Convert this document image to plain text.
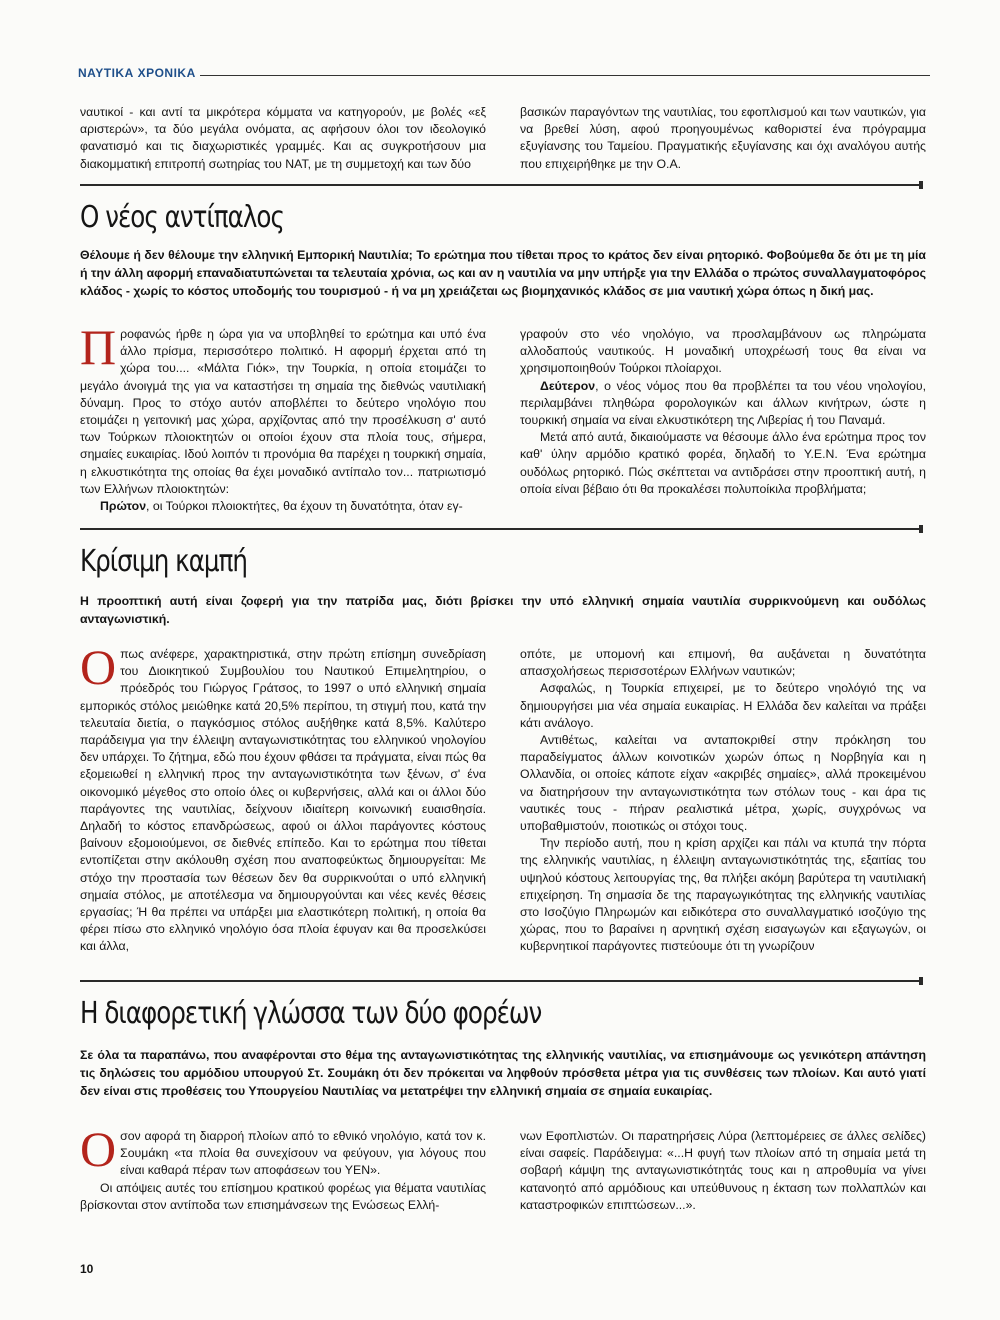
ΝΑΥΤΙΚΑ ΧΡΟΝΙΚΑ

ναυτικοί - και αντί τα μικρότερα κόμματα να κατηγορούν, με βολές «εξ αριστερών», τα δύο μεγάλα ονόματα, ας αφήσουν όλοι τον ιδεολογικό φανατισμό και τις διαχωριστικές γραμμές. Και ας συγκροτήσουν μια διακομματική επιτροπή σωτηρίας του ΝΑΤ, με τη συμμετοχή και των δύο

βασικών παραγόντων της ναυτιλίας, του εφοπλισμού και των ναυτικών, για να βρεθεί λύση, αφού προηγουμένως καθοριστεί ένα πρόγραμμα εξυγίανσης του Ταμείου. Πραγματικής εξυγίανσης και όχι αναλόγου αυτής που επιχειρήθηκε με την Ο.Α.

Ο νέος αντίπαλος

Θέλουμε ή δεν θέλουμε την ελληνική Εμπορική Ναυτιλία; Το ερώτημα που τίθεται προς το κράτος δεν είναι ρητορικό. Φοβούμεθα δε ότι με τη μία ή την άλλη αφορμή επαναδιατυπώνεται τα τελευταία χρόνια, ως και αν η ναυτιλία να μην υπήρξε για την Ελλάδα ο πρώτος συναλλαγματοφόρος κλάδος - χωρίς το κόστος υποδομής του τουρισμού - ή να μη χρειάζεται ως βιομηχανικός κλάδος σε μια ναυτική χώρα όπως η δική μας.

Προφανώς ήρθε η ώρα για να υποβληθεί το ερώτημα και υπό ένα άλλο πρίσμα, περισσότερο πολιτικό. Η αφορμή έρχεται από τη χώρα του.... «Μάλτα Γιόκ», την Τουρκία, η οποία ετοιμάζει το μεγάλο άνοιγμά της για να καταστήσει τη σημαία της διεθνώς ναυτιλιακή δύναμη. Προς το στόχο αυτόν αποβλέπει το δεύτερο νηολόγιο που ετοιμάζει η γειτονική μας χώρα, αρχίζοντας από την προσέλκυση σ' αυτό των Τούρκων πλοιοκτητών οι οποίοι έχουν στα πλοία τους, σήμερα, σημαίες ευκαιρίας. Ιδού λοιπόν τι προνόμια θα παρέχει η τουρκική σημαία, η ελκυστικότητα της οποίας θα έχει μοναδικό αντίπαλο τον... πατριωτισμό των Ελλήνων πλοιοκτητών:

Πρώτον, οι Τούρκοι πλοιοκτήτες, θα έχουν τη δυνατότητα, όταν εγ-

γραφούν στο νέο νηολόγιο, να προσλαμβάνουν ως πληρώματα αλλοδαπούς ναυτικούς. Η μοναδική υποχρέωσή τους θα είναι να χρησιμοποιηθούν Τούρκοι πλοίαρχοι.

Δεύτερον, ο νέος νόμος που θα προβλέπει τα του νέου νηολογίου, περιλαμβάνει πληθώρα φορολογικών και άλλων κινήτρων, ώστε η τουρκική σημαία να είναι ελκυστικότερη της Λιβερίας ή του Παναμά.

Μετά από αυτά, δικαιούμαστε να θέσουμε άλλο ένα ερώτημα προς τον καθ' ύλην αρμόδιο κρατικό φορέα, δηλαδή το Υ.Ε.Ν. Ένα ερώτημα ουδόλως ρητορικό. Πώς σκέπτεται να αντιδράσει στην προοπτική αυτή, η οποία είναι βέβαιο ότι θα προκαλέσει πολυποίκιλα προβλήματα;

Κρίσιμη καμπή

Η προοπτική αυτή είναι ζοφερή για την πατρίδα μας, διότι βρίσκει την υπό ελληνική σημαία ναυτιλία συρρικνούμενη και ουδόλως ανταγωνιστική.

Οπως ανέφερε, χαρακτηριστικά, στην πρώτη επίσημη συνεδρίαση του Διοικητικού Συμβουλίου του Ναυτικού Επιμελητηρίου, ο πρόεδρός του Γιώργος Γράτσος, το 1997 ο υπό ελληνική σημαία εμπορικός στόλος μειώθηκε κατά 20,5% περίπου, τη στιγμή που, κατά την τελευταία διετία, ο παγκόσμιος στόλος αυξήθηκε κατά 8,5%. Καλύτερο παράδειγμα για την έλλειψη ανταγωνιστικότητας του ελληνικού νηολογίου δεν υπάρχει. Το ζήτημα, εδώ που έχουν φθάσει τα πράγματα, είναι πώς θα εξομειωθεί η ελληνική προς την ανταγωνιστικότητα των ξένων, σ' ένα οικονομικό μέγεθος στο οποίο όλες οι κυβερνήσεις, αλλά και οι άλλοι δύο παράγοντες της ναυτιλίας, δείχνουν ιδιαίτερη κοινωνική ευαισθησία. Δηλαδή το κόστος επανδρώσεως, αφού οι άλλοι παράγοντες κόστους βαίνουν εξομοιούμενοι, σε διεθνές επίπεδο. Και το ερώτημα που τίθεται εντοπίζεται στην ακόλουθη σχέση που αναποφεύκτως δημιουργείται: Με στόχο την προστασία των θέσεων δεν θα συρρικνούται ο υπό ελληνική σημαία στόλος, με αποτέλεσμα να δημιουργούνται και νέες κενές θέσεις εργασίας; Ή θα πρέπει να υπάρξει μια ελαστικότερη πολιτική, η οποία θα φέρει πίσω στο ελληνικό νηολόγιο όσα πλοία έφυγαν και θα προσελκύσει και άλλα,

οπότε, με υπομονή και επιμονή, θα αυξάνεται η δυνατότητα απασχολήσεως περισσοτέρων Ελλήνων ναυτικών;

Ασφαλώς, η Τουρκία επιχειρεί, με το δεύτερο νηολόγιό της να δημιουργήσει μια νέα σημαία ευκαιρίας. Η Ελλάδα δεν καλείται να πράξει κάτι ανάλογο.

Αντιθέτως, καλείται να ανταποκριθεί στην πρόκληση του παραδείγματος άλλων κοινοτικών χωρών όπως η Νορβηγία και η Ολλανδία, οι οποίες κάποτε είχαν «ακριβές σημαίες», αλλά προκειμένου να διατηρήσουν την ανταγωνιστικότητα των στόλων τους - και άρα τις ναυτικές τους - πήραν ρεαλιστικά μέτρα, χωρίς, συγχρόνως να υποβαθμιστούν, ποιοτικώς οι στόχοι τους.

Την περίοδο αυτή, που η κρίση αρχίζει και πάλι να κτυπά την πόρτα της ελληνικής ναυτιλίας, η έλλειψη ανταγωνιστικότητάς της, εξαιτίας του υψηλού κόστους λειτουργίας της, θα πλήξει ακόμη βαρύτερα τη ναυτιλιακή επιχείρηση. Τη σημασία δε της παραγωγικότητας της ελληνικής ναυτιλίας στο Ισοζύγιο Πληρωμών και ειδικότερα στο συναλλαγματικό ισοζύγιο της χώρας, που το βαραίνει η αρνητική σχέση εισαγωγών και εξαγωγών, οι κυβερνητικοί παράγοντες πιστεύουμε ότι τη γνωρίζουν

Η διαφορετική γλώσσα των δύο φορέων

Σε όλα τα παραπάνω, που αναφέρονται στο θέμα της ανταγωνιστικότητας της ελληνικής ναυτιλίας, να επισημάνουμε ως γενικότερη απάντηση τις δηλώσεις του αρμόδιου υπουργού Στ. Σουμάκη ότι δεν πρόκειται να ληφθούν πρόσθετα μέτρα για τις συνθέσεις των πλοίων. Και αυτό γιατί δεν είναι στις προθέσεις του Υπουργείου Ναυτιλίας να μετατρέψει την ελληνική σημαία σε σημαία ευκαιρίας.

Οσον αφορά τη διαρροή πλοίων από το εθνικό νηολόγιο, κατά τον κ. Σουμάκη «τα πλοία θα συνεχίσουν να φεύγουν, για λόγους που είναι καθαρά πέραν των αποφάσεων του ΥΕΝ».

Οι απόψεις αυτές του επίσημου κρατικού φορέως για θέματα ναυτιλίας βρίσκονται στον αντίποδα των επισημάνσεων της Ενώσεως Ελλή-

νων Εφοπλιστών. Οι παρατηρήσεις Λύρα (λεπτομέρειες σε άλλες σελίδες) είναι σαφείς. Παράδειγμα: «...Η φυγή των πλοίων από τη σημαία μετά τη σοβαρή κάμψη της ανταγωνιστικότητάς τους και η απροθυμία να γίνει κατανοητό από αρμόδιους και υπεύθυνους η έκταση των πολλαπλών και καταστροφικών επιπτώσεων...».

10
